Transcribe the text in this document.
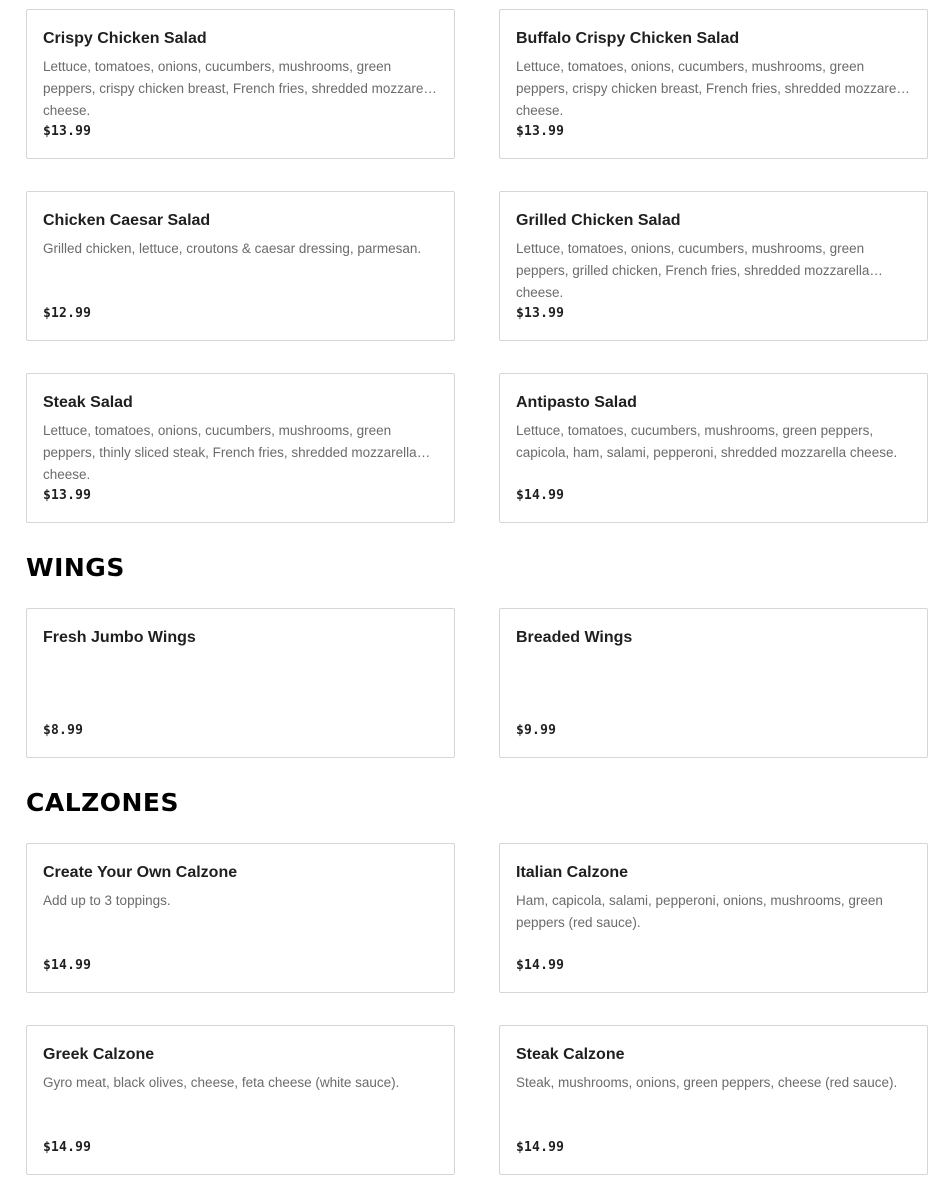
Crispy Chicken Salad
Lettuce, tomatoes, onions, cucumbers, mushrooms, green peppers, crispy chicken breast, French fries, shredded mozzarella cheese.
$13.99
Buffalo Crispy Chicken Salad
Lettuce, tomatoes, onions, cucumbers, mushrooms, green peppers, crispy chicken breast, French fries, shredded mozzarella cheese.
$13.99
Chicken Caesar Salad
Grilled chicken, lettuce, croutons & caesar dressing, parmesan.
$12.99
Grilled Chicken Salad
Lettuce, tomatoes, onions, cucumbers, mushrooms, green peppers, grilled chicken, French fries, shredded mozzarella cheese.
$13.99
Steak Salad
Lettuce, tomatoes, onions, cucumbers, mushrooms, green peppers, thinly sliced steak, French fries, shredded mozzarella cheese.
$13.99
Antipasto Salad
Lettuce, tomatoes, cucumbers, mushrooms, green peppers, capicola, ham, salami, pepperoni, shredded mozzarella cheese.
$14.99
WINGS
Fresh Jumbo Wings
$8.99
Breaded Wings
$9.99
CALZONES
Create Your Own Calzone
Add up to 3 toppings.
$14.99
Italian Calzone
Ham, capicola, salami, pepperoni, onions, mushrooms, green peppers (red sauce).
$14.99
Greek Calzone
Gyro meat, black olives, cheese, feta cheese (white sauce).
$14.99
Steak Calzone
Steak, mushrooms, onions, green peppers, cheese (red sauce).
$14.99
